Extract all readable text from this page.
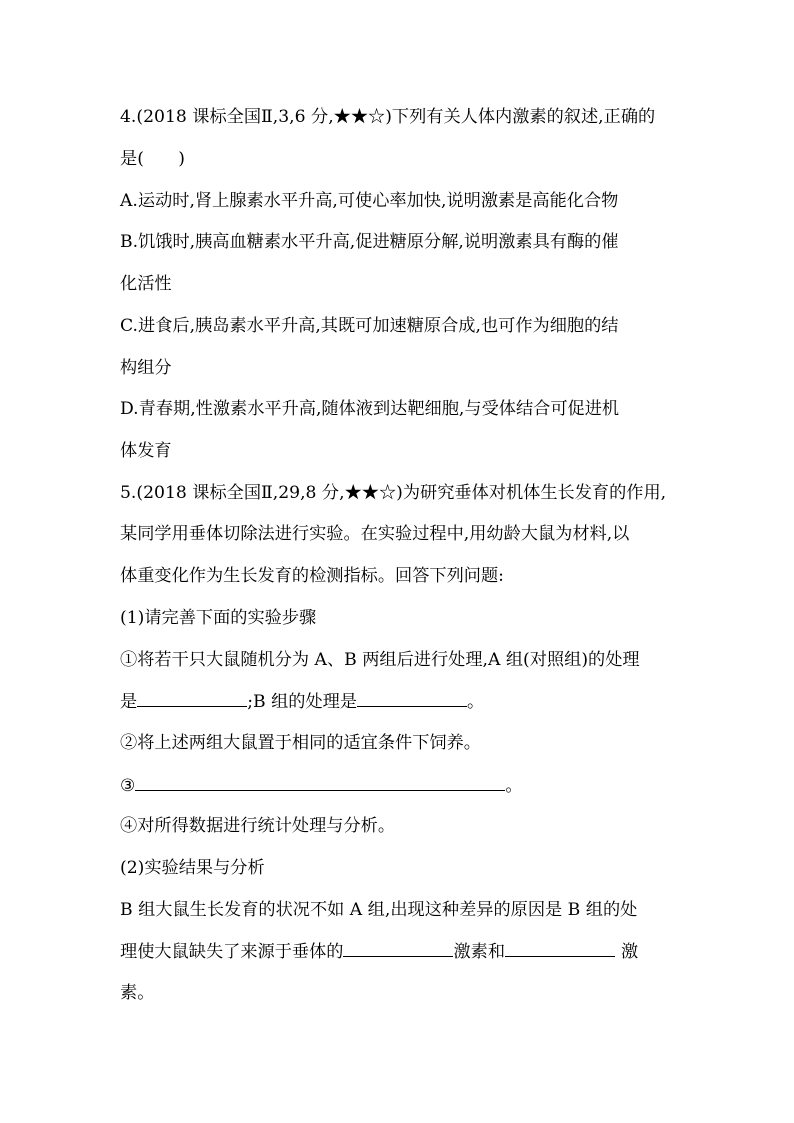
4.(2018 课标全国Ⅱ,3,6 分,★★☆)下列有关人体内激素的叙述,正确的
是(　　)
A.运动时,肾上腺素水平升高,可使心率加快,说明激素是高能化合物
B.饥饿时,胰高血糖素水平升高,促进糖原分解,说明激素具有酶的催
化活性
C.进食后,胰岛素水平升高,其既可加速糖原合成,也可作为细胞的结
构组分
D.青春期,性激素水平升高,随体液到达靶细胞,与受体结合可促进机
体发育
5.(2018 课标全国Ⅱ,29,8 分,★★☆)为研究垂体对机体生长发育的作用,
某同学用垂体切除法进行实验。在实验过程中,用幼龄大鼠为材料,以
体重变化作为生长发育的检测指标。回答下列问题:
(1)请完善下面的实验步骤
①将若干只大鼠随机分为 A、B 两组后进行处理,A 组(对照组)的处理
是	;B 组的处理是	。
②将上述两组大鼠置于相同的适宜条件下饲养。
③	。
④对所得数据进行统计处理与分析。
(2)实验结果与分析
B 组大鼠生长发育的状况不如 A 组,出现这种差异的原因是 B 组的处
理使大鼠缺失了来源于垂体的	激素和	激
素。
